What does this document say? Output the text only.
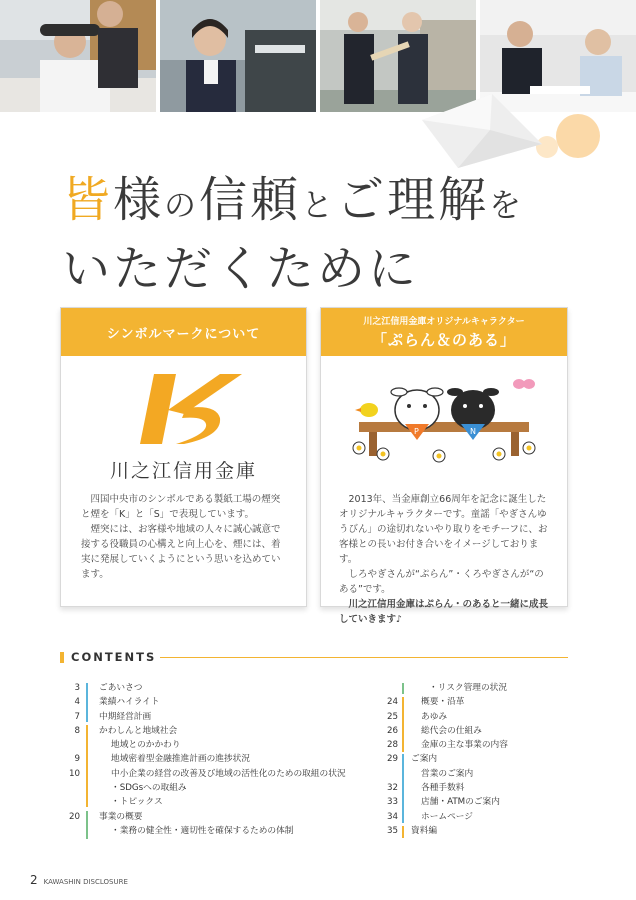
皆様の信頼とご理解を
いただくために
シンボルマークについて
川之江信用金庫

四国中央市のシンボルである製紙工場の煙突と煙を「K」と「S」で表現しています。

煙突には、お客様や地域の人々に誠心誠意で接する役職員の心構えと向上心を、煙には、着実に発展していくようにという思いを込めています。

川之江信用金庫オリジナルキャラクター
「ぷらん＆のある」
P	N

2013年、当金庫創立66周年を記念に誕生したオリジナルキャラクターです。童謡「やぎさんゆうびん」の途切れないやり取りをモチーフに、お客様との長いお付き合いをイメージしております。

しろやぎさんが“ぷらん”・くろやぎさんが“のある”です。

川之江信用金庫はぷらん・のあると一緒に成長していきます♪

CONTENTS
3	ごあいさつ
4	業績ハイライト
7	中期経営計画
8	かわしんと地域社会
地域とのかかわり
9	地域密着型金融推進計画の進捗状況
10	中小企業の経営の改善及び地域の活性化のための取組の状況
・SDGsへの取組み
・トピックス
20	事業の概要
・業務の健全性・適切性を確保するための体制
・リスク管理の状況
24	概要・沿革
25	あゆみ
26	総代会の仕組み
28	金庫の主な事業の内容
29	ご案内
営業のご案内
32	各種手数料
33	店舗・ATMのご案内
34	ホームページ
35	資料編
2 KAWASHIN DISCLOSURE
